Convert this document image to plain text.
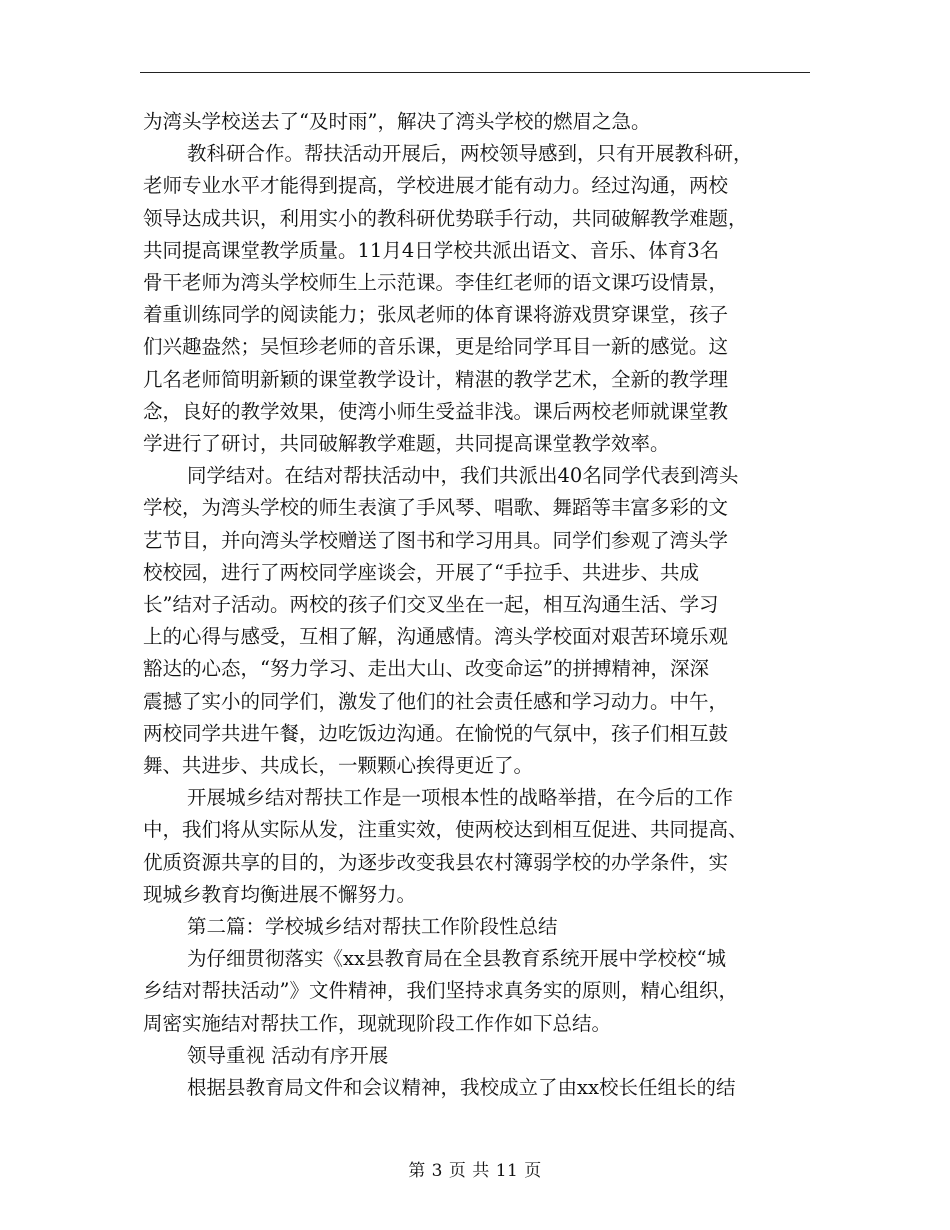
为湾头学校送去了“及时雨”，解决了湾头学校的燃眉之急。
教科研合作。帮扶活动开展后，两校领导感到，只有开展教科研，
老师专业水平才能得到提高，学校进展才能有动力。经过沟通，两校
领导达成共识，利用实小的教科研优势联手行动，共同破解教学难题，
共同提高课堂教学质量。11月4日学校共派出语文、音乐、体育3名
骨干老师为湾头学校师生上示范课。李佳红老师的语文课巧设情景，
着重训练同学的阅读能力；张凤老师的体育课将游戏贯穿课堂，孩子
们兴趣盎然；吴恒珍老师的音乐课，更是给同学耳目一新的感觉。这
几名老师简明新颖的课堂教学设计，精湛的教学艺术，全新的教学理
念，良好的教学效果，使湾小师生受益非浅。课后两校老师就课堂教
学进行了研讨，共同破解教学难题，共同提高课堂教学效率。
同学结对。在结对帮扶活动中，我们共派出40名同学代表到湾头
学校，为湾头学校的师生表演了手风琴、唱歌、舞蹈等丰富多彩的文
艺节目，并向湾头学校赠送了图书和学习用具。同学们参观了湾头学
校校园，进行了两校同学座谈会，开展了“手拉手、共进步、共成
长”结对子活动。两校的孩子们交叉坐在一起，相互沟通生活、学习
上的心得与感受，互相了解，沟通感情。湾头学校面对艰苦环境乐观
豁达的心态，“努力学习、走出大山、改变命运”的拼搏精神，深深
震撼了实小的同学们，激发了他们的社会责任感和学习动力。中午，
两校同学共进午餐，边吃饭边沟通。在愉悦的气氛中，孩子们相互鼓
舞、共进步、共成长，一颗颗心挨得更近了。
开展城乡结对帮扶工作是一项根本性的战略举措，在今后的工作
中，我们将从实际从发，注重实效，使两校达到相互促进、共同提高、
优质资源共享的目的，为逐步改变我县农村簿弱学校的办学条件，实
现城乡教育均衡进展不懈努力。
第二篇：学校城乡结对帮扶工作阶段性总结
为仔细贯彻落实《xx县教育局在全县教育系统开展中学校校“城
乡结对帮扶活动”》文件精神，我们坚持求真务实的原则，精心组织，
周密实施结对帮扶工作，现就现阶段工作作如下总结。
领导重视 活动有序开展
根据县教育局文件和会议精神，我校成立了由xx校长任组长的结
第 3 页 共 11 页
